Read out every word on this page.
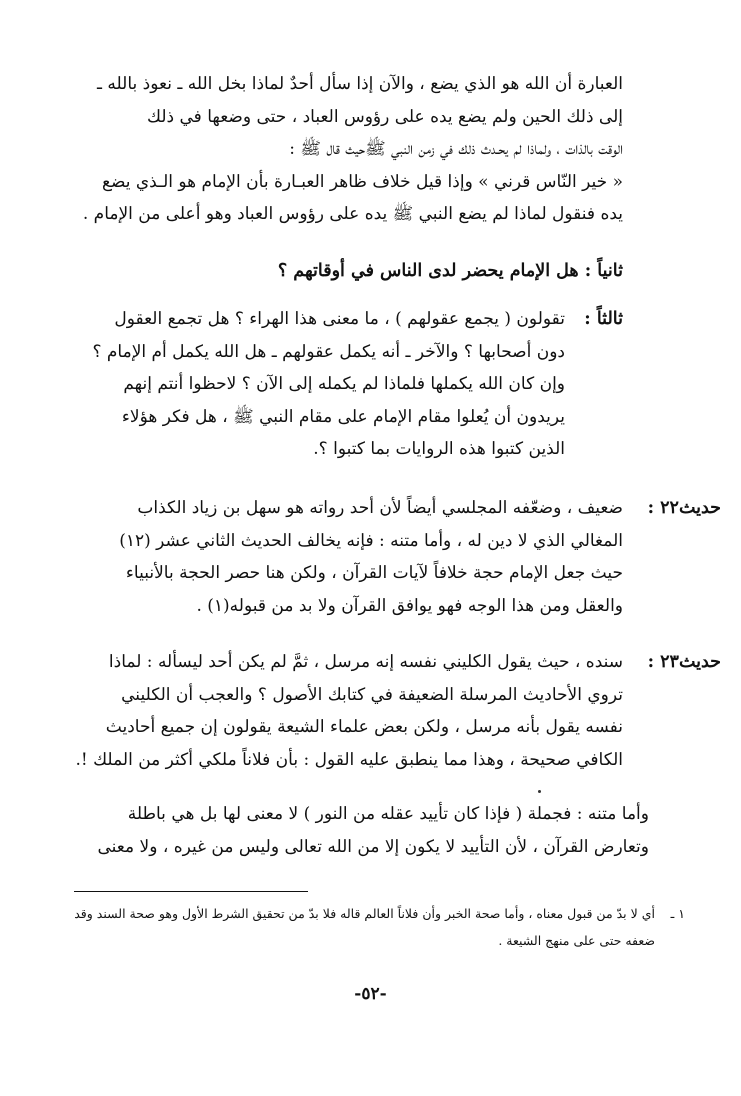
العبارة أن الله هو الذي يضع ، والآن إذا سأل أحدٌ لماذا بخل الله ـ نعوذ بالله ـ
إلى ذلك الحين ولم يضع يده على رؤوس العباد ، حتى وضعها في ذلك
الوقت بالذات ، ولماذا لم يحـدث ذلك في زمن النبي ﷺحيث قال ﷺ :
« خير النّاس قرني » وإذا قيل خلاف ظاهر العبـارة بأن الإمام هو الـذي يضع
يده فنقول لماذا لم يضع النبي ﷺ يده على رؤوس العباد وهو أعلى من الإمام .
ثانياً : هل الإمام يحضر لدى الناس في أوقاتهم ؟
ثالثاً :
تقولون ( يجمع عقولهم ) ، ما معنى هذا الهراء ؟ هل تجمع العقول
دون أصحابها ؟ والآخر ـ أنه يكمل عقولهم ـ هل الله يكمل أم الإمام ؟
وإن كان الله يكملها فلماذا لم يكمله إلى الآن ؟ لاحظوا أنتم إنهم
يريدون أن يُعلوا مقام الإمام على مقام النبي ﷺ ، هل فكر هؤلاء
الذين كتبوا هذه الروايات بما كتبوا ؟.
حديث٢٢ :
ضعيف ، وضعّفه المجلسي أيضاً لأن أحد رواته هو سهل بن زياد الكذاب
المغالي الذي لا دين له ، وأما متنه : فإنه يخالف الحديث الثاني عشر (١٢)
حيث جعل الإمام حجة خلافاً لآيات القرآن ، ولكن هنا حصر الحجة بالأنبياء
والعقل ومن هذا الوجه فهو يوافق القرآن ولا بد من قبوله(١) .
حديث٢٣ :
سنده ، حيث يقول الكليني نفسه إنه مرسل ، ثمَّ لم يكن أحد ليسأله : لماذا
تروي الأحاديث المرسلة الضعيفة في كتابك الأصول ؟ والعجب أن الكليني
نفسه يقول بأنه مرسل ، ولكن بعض علماء الشيعة يقولون إن جميع أحاديث
الكافي صحيحة ، وهذا مما ينطبق عليه القول : بأن فلاناً ملكي أكثر من الملك !.
وأما متنه : فجملة ( فإذا كان تأييد عقله من النور ) لا معنى لها بل هي باطلة
وتعارض القرآن ، لأن التأييد لا يكون إلا من الله تعالى وليس من غيره ، ولا معنى
١ ـ
أي لا بدّ من قبول معناه ، وأما صحة الخبر وأن فلاناً العالم قاله فلا بدّ من تحقيق الشرط الأول وهو صحة السند وقد
ضعفه حتى على منهج الشيعة .
-٥٢-
